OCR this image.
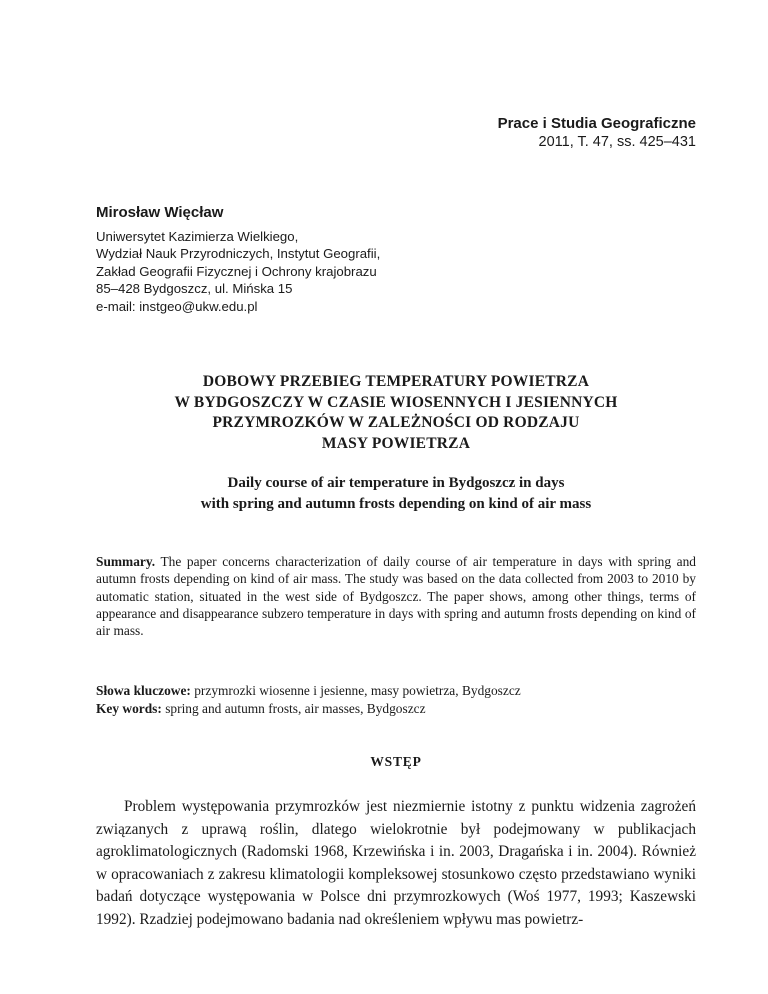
Prace i Studia Geograficzne
2011, T. 47, ss. 425–431
Mirosław Więcław
Uniwersytet Kazimierza Wielkiego,
Wydział Nauk Przyrodniczych, Instytut Geografii,
Zakład Geografii Fizycznej i Ochrony krajobrazu
85–428 Bydgoszcz, ul. Mińska 15
e-mail: instgeo@ukw.edu.pl
DOBOWY PRZEBIEG TEMPERATURY POWIETRZA
W BYDGOSZCZY W CZASIE WIOSENNYCH I JESIENNYCH
PRZYMROZKÓW W ZALEŻNOŚCI OD RODZAJU
MASY POWIETRZA
Daily course of air temperature in Bydgoszcz in days
with spring and autumn frosts depending on kind of air mass
Summary. The paper concerns characterization of daily course of air temperature in days with spring and autumn frosts depending on kind of air mass. The study was based on the data collected from 2003 to 2010 by automatic station, situated in the west side of Bydgoszcz. The paper shows, among other things, terms of appearance and disappearance subzero temperature in days with spring and autumn frosts depending on kind of air mass.
Słowa kluczowe: przymrozki wiosenne i jesienne, masy powietrza, Bydgoszcz
Key words: spring and autumn frosts, air masses, Bydgoszcz
WSTĘP
Problem występowania przymrozków jest niezmiernie istotny z punktu widzenia zagrożeń związanych z uprawą roślin, dlatego wielokrotnie był podejmowany w publikacjach agroklimatologicznych (Radomski 1968, Krzewińska i in. 2003, Dragańska i in. 2004). Również w opracowaniach z zakresu klimatologii kompleksowej stosunkowo często przedstawiano wyniki badań dotyczące występowania w Polsce dni przymrozkowych (Woś 1977, 1993; Kaszewski 1992). Rzadziej podejmowano badania nad określeniem wpływu mas powietrz-
